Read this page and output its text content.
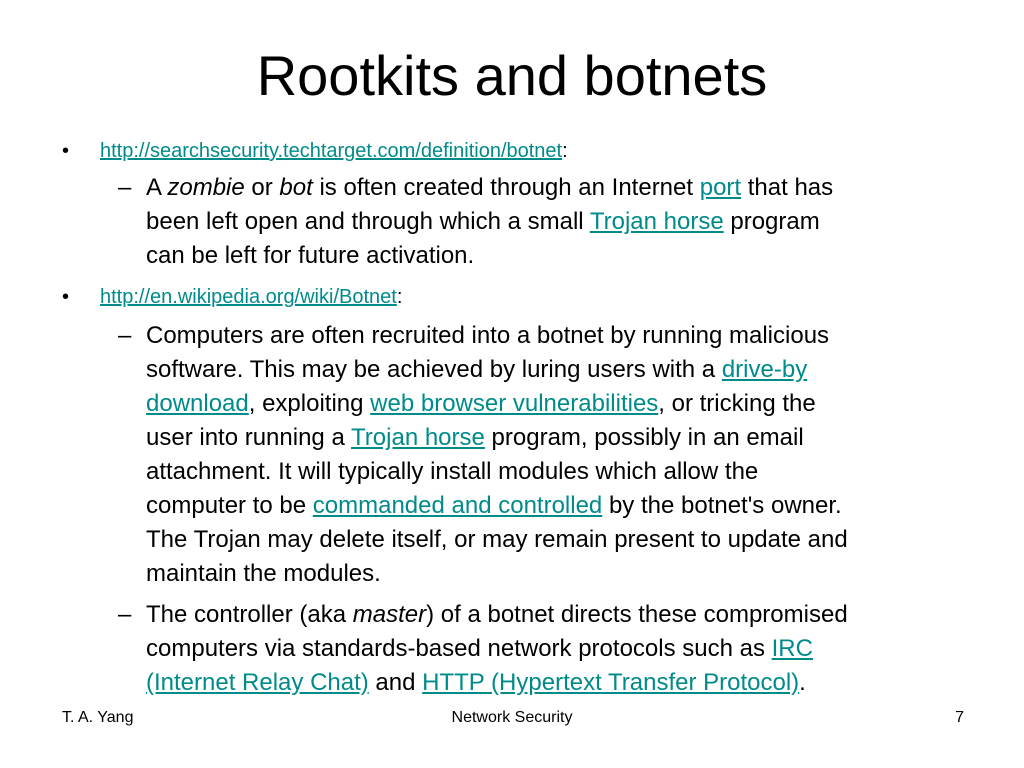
Rootkits and botnets
• http://searchsecurity.techtarget.com/definition/botnet:
– A zombie or bot is often created through an Internet port that has
been left open and through which a small Trojan horse program
can be left for future activation.
• http://en.wikipedia.org/wiki/Botnet:
– Computers are often recruited into a botnet by running malicious
software. This may be achieved by luring users with a drive-by
download, exploiting web browser vulnerabilities, or tricking the
user into running a Trojan horse program, possibly in an email
attachment. It will typically install modules which allow the
computer to be commanded and controlled by the botnet's owner.
The Trojan may delete itself, or may remain present to update and
maintain the modules.
– The controller (aka master) of a botnet directs these compromised
computers via standards-based network protocols such as IRC
(Internet Relay Chat) and HTTP (Hypertext Transfer Protocol).
T. A. Yang	Network Security	7
